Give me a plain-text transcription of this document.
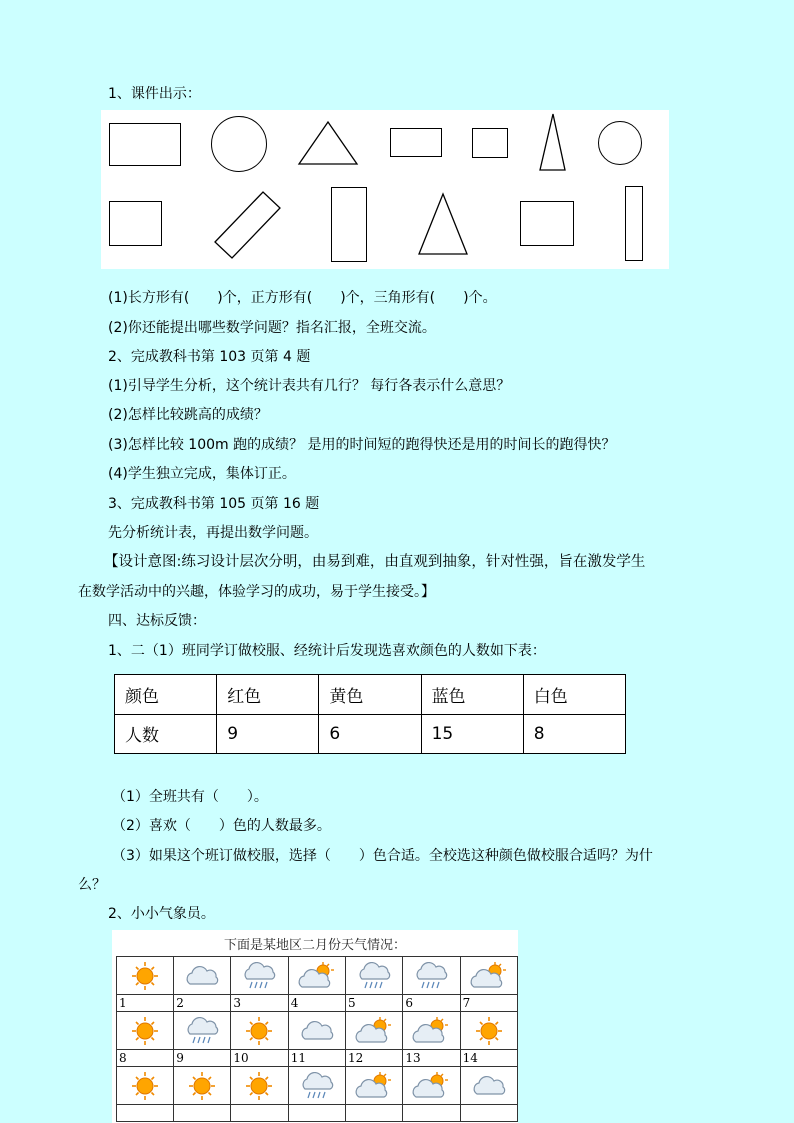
1、课件出示：
(1)长方形有(　　)个，正方形有(　　)个，三角形有(　　)个。
(2)你还能提出哪些数学问题？指名汇报，全班交流。
2、完成教科书第 103 页第 4 题
(1)引导学生分析，这个统计表共有几行？ 每行各表示什么意思？
(2)怎样比较跳高的成绩？
(3)怎样比较 100m 跑的成绩？ 是用的时间短的跑得快还是用的时间长的跑得快？
(4)学生独立完成，集体订正。
3、完成教科书第 105 页第 16 题
先分析统计表，再提出数学问题。
【设计意图:练习设计层次分明，由易到难，由直观到抽象，针对性强，旨在激发学生
在数学活动中的兴趣，体验学习的成功，易于学生接受。】
四、达标反馈：
1、二（1）班同学订做校服、经统计后发现选喜欢颜色的人数如下表：
颜色	红色	黄色	蓝色	白色
人数	9	6	15	8
（1）全班共有（　　）。
（2）喜欢（　　）色的人数最多。
（3）如果这个班订做校服，选择（　　）色合适。全校选这种颜色做校服合适吗？为什
么？
2、小小气象员。
下面是某地区二月份天气情况：

1	2	3	4	5	6	7

8	9	10	11	12	13	14
